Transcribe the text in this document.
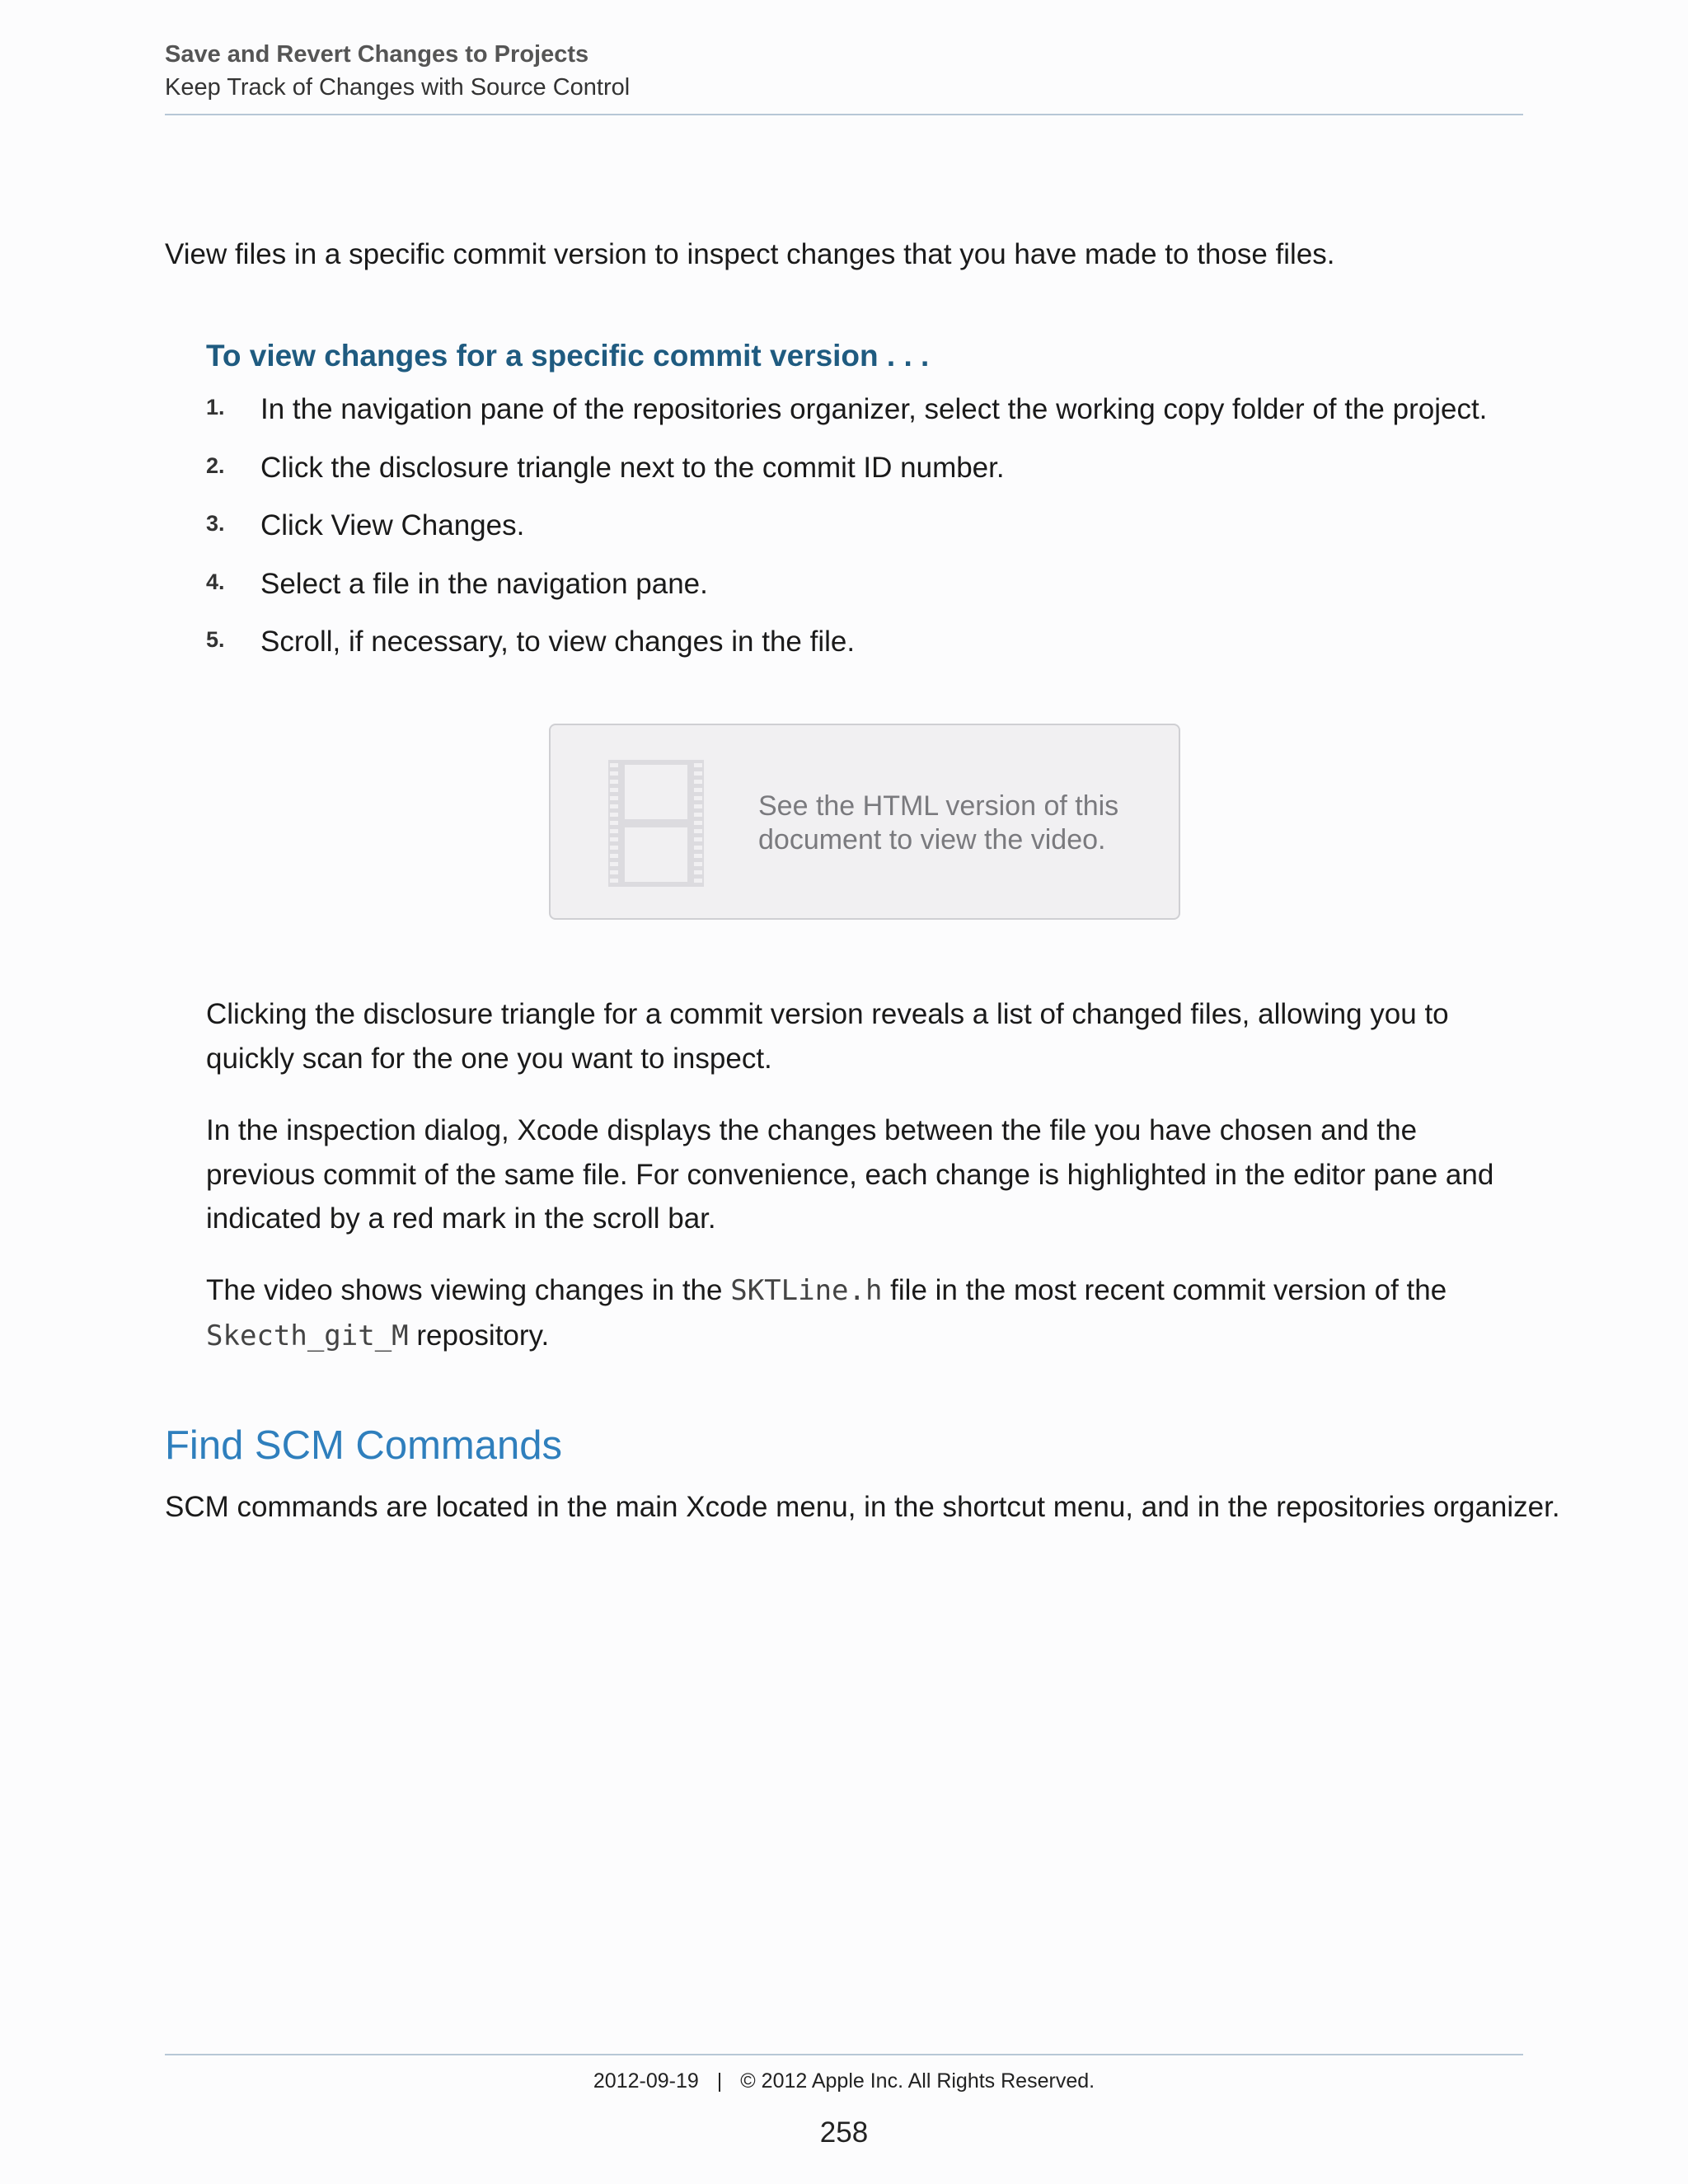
Save and Revert Changes to Projects
Keep Track of Changes with Source Control
View files in a specific commit version to inspect changes that you have made to those files.
To view changes for a specific commit version . . .
1. In the navigation pane of the repositories organizer, select the working copy folder of the project.
2. Click the disclosure triangle next to the commit ID number.
3. Click View Changes.
4. Select a file in the navigation pane.
5. Scroll, if necessary, to view changes in the file.
See the HTML version of this document to view the video.
Clicking the disclosure triangle for a commit version reveals a list of changed files, allowing you to quickly scan for the one you want to inspect.
In the inspection dialog, Xcode displays the changes between the file you have chosen and the previous commit of the same file. For convenience, each change is highlighted in the editor pane and indicated by a red mark in the scroll bar.
The video shows viewing changes in the SKTLine.h file in the most recent commit version of the Skecth_git_M repository.
Find SCM Commands
SCM commands are located in the main Xcode menu, in the shortcut menu, and in the repositories organizer.
2012-09-19 | © 2012 Apple Inc. All Rights Reserved.
258
